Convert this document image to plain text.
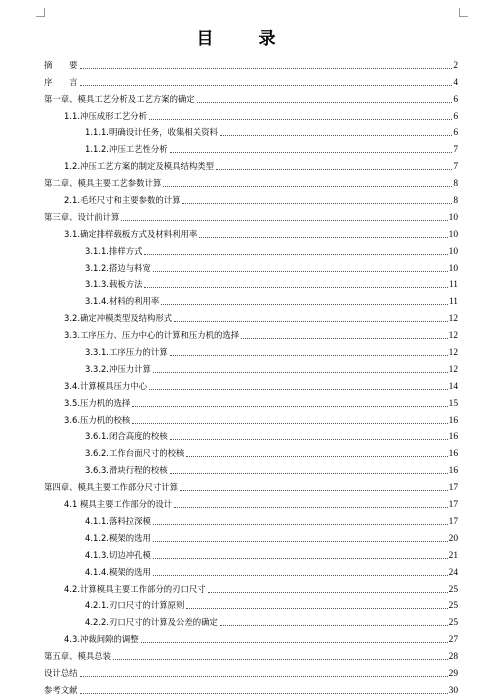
目　录
摘　　要	2
序　　言	4
第一章、模具工艺分析及工艺方案的确定	6
1.1.冲压成形工艺分析	6
1.1.1.明确设计任务，收集相关资料	6
1.1.2.冲压工艺性分析	7
1.2.冲压工艺方案的制定及模具结构类型	7
第二章、模具主要工艺参数计算	8
2.1.毛坯尺寸和主要参数的计算	8
第三章、设计前计算	10
3.1.确定排样载板方式及材料利用率	10
3.1.1.排样方式	10
3.1.2.搭边与料宽	10
3.1.3.载板方法	11
3.1.4.材料的利用率	11
3.2.确定冲模类型及结构形式	12
3.3.工序压力、压力中心的计算和压力机的选择	12
3.3.1.工序压力的计算	12
3.3.2.冲压力计算	12
3.4.计算模具压力中心	14
3.5.压力机的选择	15
3.6.压力机的校核	16
3.6.1.闭合高度的校核	16
3.6.2.工作台面尺寸的校核	16
3.6.3.滑块行程的校核	16
第四章、模具主要工作部分尺寸计算	17
4.1 模具主要工作部分的设计	17
4.1.1.落料拉深模	17
4.1.2.模架的选用	20
4.1.3.切边冲孔模	21
4.1.4.模架的选用	24
4.2.计算模具主要工作部分的刃口尺寸	25
4.2.1.刃口尺寸的计算原则	25
4.2.2.刃口尺寸的计算及公差的确定	25
4.3.冲裁间隙的调整	27
第五章、模具总装	28
设计总结	29
参考文献	30
